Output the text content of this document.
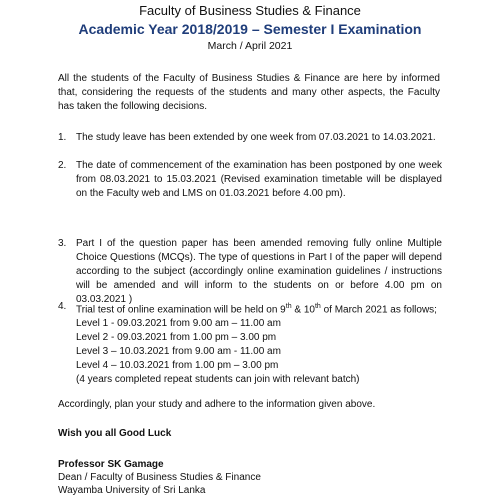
Faculty of Business Studies & Finance
Academic Year 2018/2019 – Semester I Examination
March / April 2021
All the students of the Faculty of Business Studies & Finance are here by informed that, considering the requests of the students and many other aspects, the Faculty has taken the following decisions.
1. The study leave has been extended by one week from 07.03.2021 to 14.03.2021.
2. The date of commencement of the examination has been postponed by one week from 08.03.2021 to 15.03.2021 (Revised examination timetable will be displayed on the Faculty web and LMS on 01.03.2021 before 4.00 pm).
3. Part I of the question paper has been amended removing fully online Multiple Choice Questions (MCQs). The type of questions in Part I of the paper will depend according to the subject (accordingly online examination guidelines / instructions will be amended and will inform to the students on or before 4.00 pm on 03.03.2021 )
4. Trial test of online examination will be held on 9th & 10th of March 2021 as follows;
Level 1 - 09.03.2021 from 9.00 am – 11.00 am
Level 2 - 09.03.2021 from 1.00 pm – 3.00 pm
Level 3 – 10.03.2021 from 9.00 am - 11.00 am
Level 4 – 10.03.2021 from 1.00 pm – 3.00 pm
(4 years completed repeat students can join with relevant batch)
Accordingly, plan your study and adhere to the information given above.
Wish you all Good Luck
Professor SK Gamage
Dean / Faculty of Business Studies & Finance
Wayamba University of Sri Lanka
